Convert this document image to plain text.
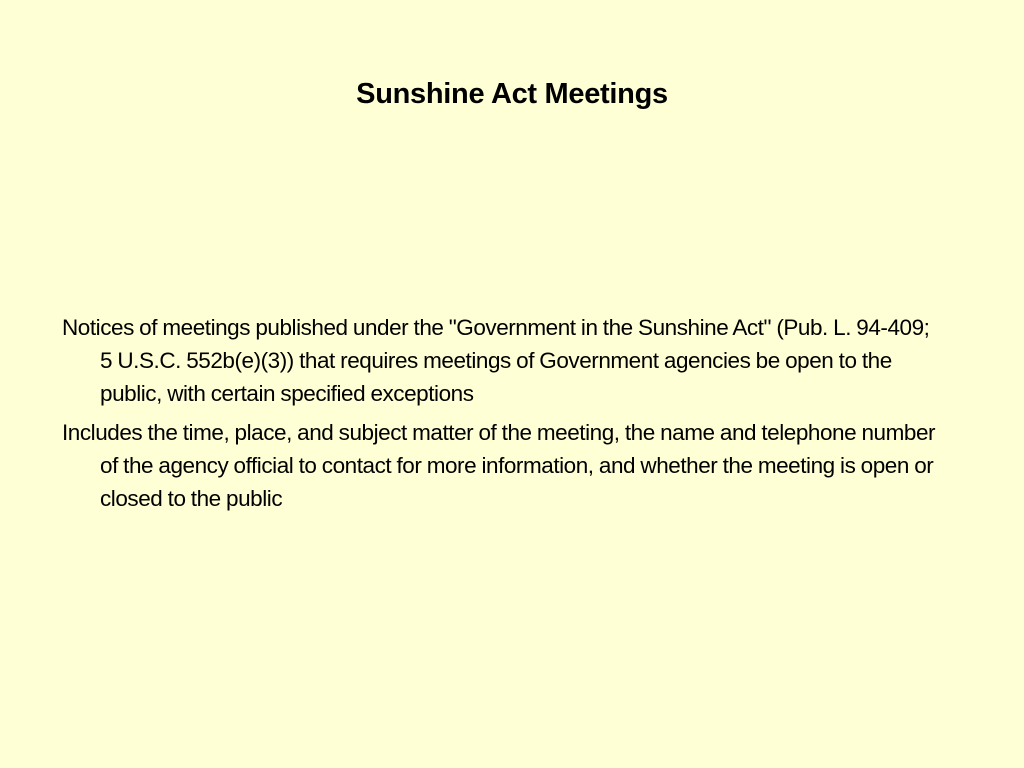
Sunshine Act Meetings

Notices of meetings published under the "Government in the Sunshine Act" (Pub. L. 94-409; 5 U.S.C. 552b(e)(3)) that requires meetings of Government agencies be open to the public, with certain specified exceptions

Includes the time, place, and subject matter of the meeting, the name and telephone number of the agency official to contact for more information, and whether the meeting is open or closed to the public
